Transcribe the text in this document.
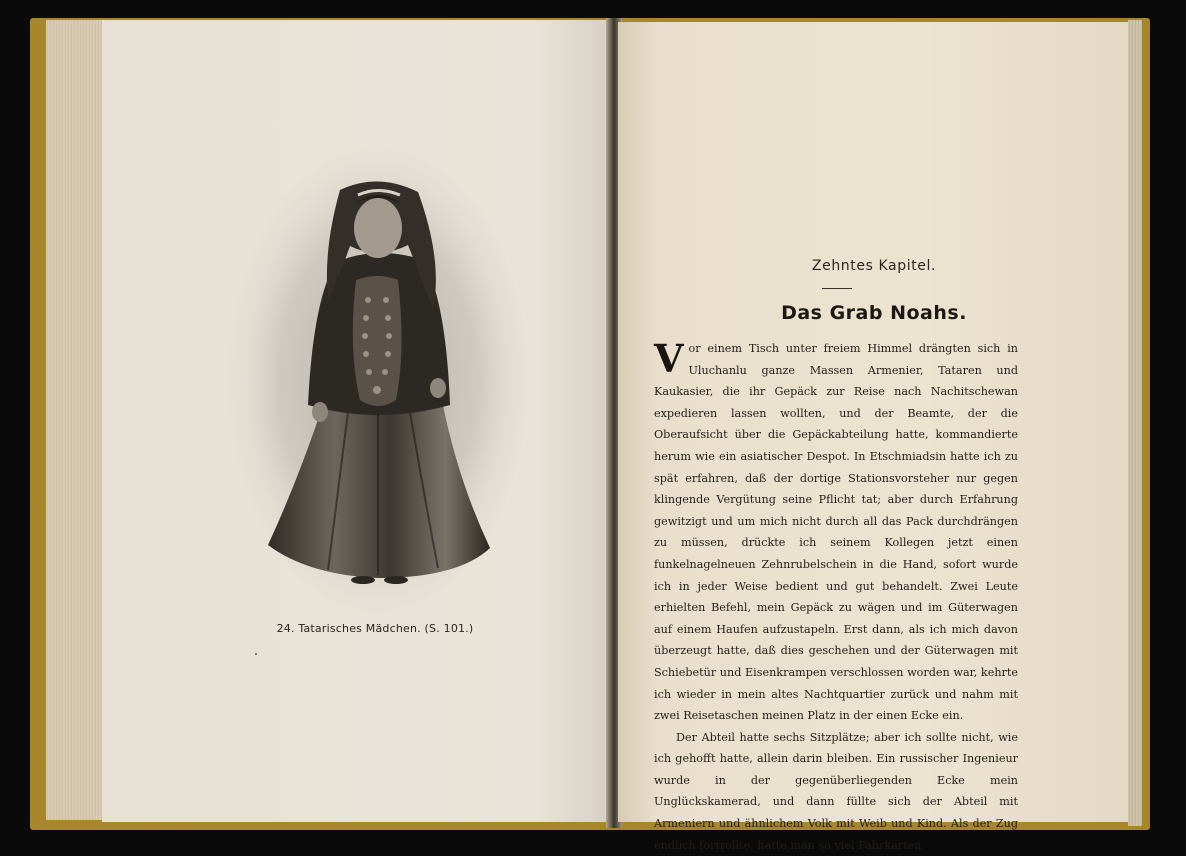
24. Tatarisches Mädchen. (S. 101.)
Zehntes Kapitel.
Das Grab Noahs.

Vor einem Tisch unter freiem Himmel drängten sich in Uluchanlu ganze Massen Armenier, Tataren und Kaukasier, die ihr Gepäck zur Reise nach Nachitschewan expedieren lassen wollten, und der Beamte, der die Oberaufsicht über die Gepäckabteilung hatte, kommandierte herum wie ein asiatischer Despot. In Etschmiadsin hatte ich zu spät erfahren, daß der dortige Stationsvorsteher nur gegen klingende Vergütung seine Pflicht tat; aber durch Erfahrung gewitzigt und um mich nicht durch all das Pack durchdrängen zu müssen, drückte ich seinem Kollegen jetzt einen funkelnagelneuen Zehnrubelschein in die Hand, sofort wurde ich in jeder Weise bedient und gut behandelt. Zwei Leute erhielten Befehl, mein Gepäck zu wägen und im Güterwagen auf einem Haufen aufzustapeln. Erst dann, als ich mich davon überzeugt hatte, daß dies geschehen und der Güterwagen mit Schiebetür und Eisenkrampen verschlossen worden war, kehrte ich wieder in mein altes Nachtquartier zurück und nahm mit zwei Reisetaschen meinen Platz in der einen Ecke ein.

Der Abteil hatte sechs Sitzplätze; aber ich sollte nicht, wie ich gehofft hatte, allein darin bleiben. Ein russischer Ingenieur wurde in der gegenüberliegenden Ecke mein Unglückskamerad, und dann füllte sich der Abteil mit Armeniern und ähnlichem Volk mit Weib und Kind. Als der Zug endlich fortrollte, hatte man so viel Fahrkarten
